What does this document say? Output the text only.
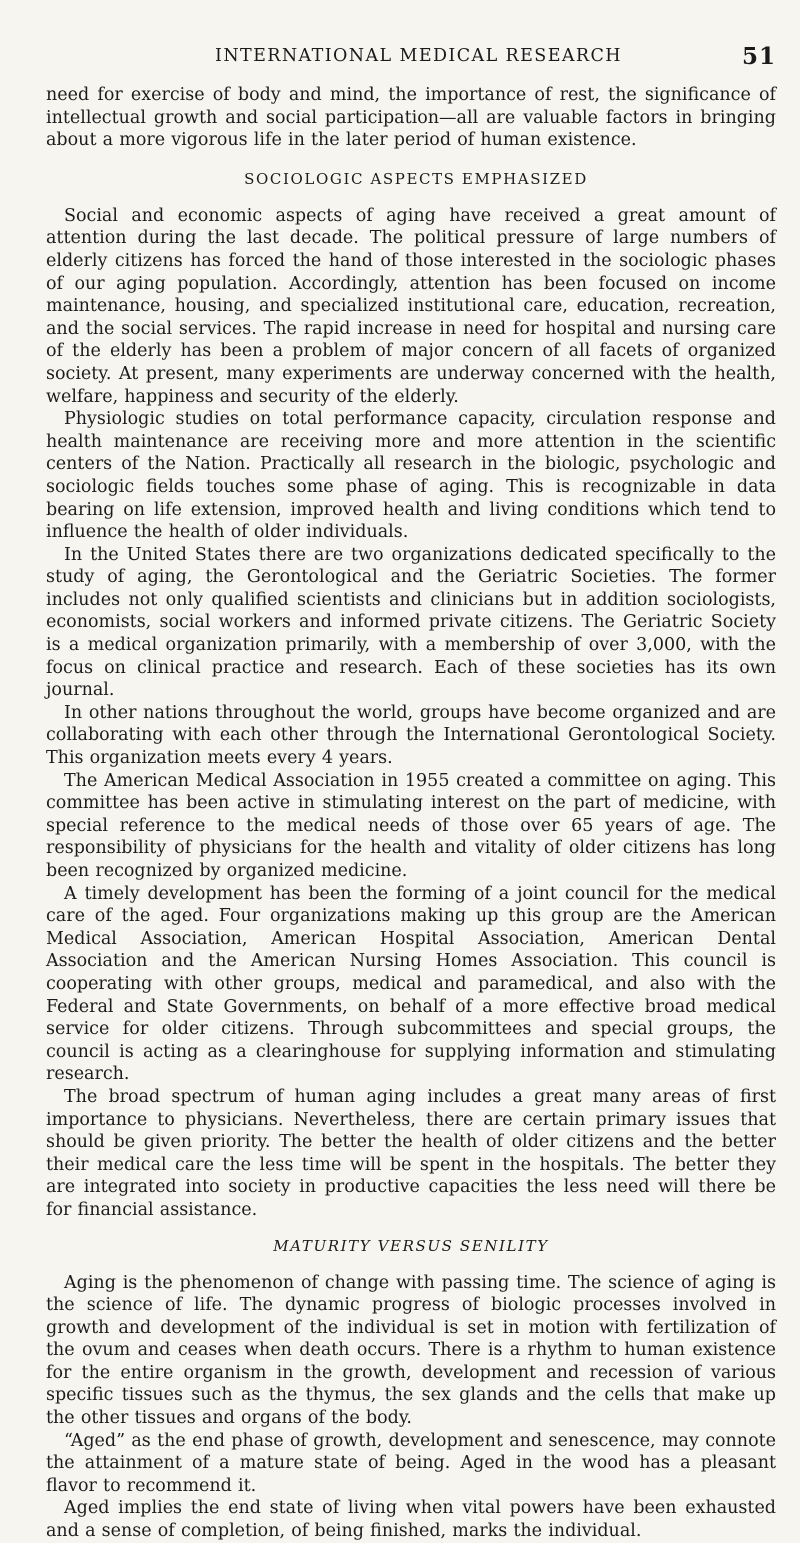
INTERNATIONAL MEDICAL RESEARCH	51

need for exercise of body and mind, the importance of rest, the significance of intellectual growth and social participation—all are valuable factors in bringing about a more vigorous life in the later period of human existence.

SOCIOLOGIC ASPECTS EMPHASIZED

Social and economic aspects of aging have received a great amount of attention during the last decade. The political pressure of large numbers of elderly citizens has forced the hand of those interested in the sociologic phases of our aging population. Accordingly, attention has been focused on income maintenance, housing, and specialized institutional care, education, recreation, and the social services. The rapid increase in need for hospital and nursing care of the elderly has been a problem of major concern of all facets of organized society. At present, many experiments are underway concerned with the health, welfare, happiness and security of the elderly.

Physiologic studies on total performance capacity, circulation response and health maintenance are receiving more and more attention in the scientific centers of the Nation. Practically all research in the biologic, psychologic and sociologic fields touches some phase of aging. This is recognizable in data bearing on life extension, improved health and living conditions which tend to influence the health of older individuals.

In the United States there are two organizations dedicated specifically to the study of aging, the Gerontological and the Geriatric Societies. The former includes not only qualified scientists and clinicians but in addition sociologists, economists, social workers and informed private citizens. The Geriatric Society is a medical organization primarily, with a membership of over 3,000, with the focus on clinical practice and research. Each of these societies has its own journal.

In other nations throughout the world, groups have become organized and are collaborating with each other through the International Gerontological Society. This organization meets every 4 years.

The American Medical Association in 1955 created a committee on aging. This committee has been active in stimulating interest on the part of medicine, with special reference to the medical needs of those over 65 years of age. The responsibility of physicians for the health and vitality of older citizens has long been recognized by organized medicine.

A timely development has been the forming of a joint council for the medical care of the aged. Four organizations making up this group are the American Medical Association, American Hospital Association, American Dental Association and the American Nursing Homes Association. This council is cooperating with other groups, medical and paramedical, and also with the Federal and State Governments, on behalf of a more effective broad medical service for older citizens. Through subcommittees and special groups, the council is acting as a clearinghouse for supplying information and stimulating research.

The broad spectrum of human aging includes a great many areas of first importance to physicians. Nevertheless, there are certain primary issues that should be given priority. The better the health of older citizens and the better their medical care the less time will be spent in the hospitals. The better they are integrated into society in productive capacities the less need will there be for financial assistance.

MATURITY VERSUS SENILITY

Aging is the phenomenon of change with passing time. The science of aging is the science of life. The dynamic progress of biologic processes involved in growth and development of the individual is set in motion with fertilization of the ovum and ceases when death occurs. There is a rhythm to human existence for the entire organism in the growth, development and recession of various specific tissues such as the thymus, the sex glands and the cells that make up the other tissues and organs of the body.

“Aged” as the end phase of growth, development and senescence, may connote the attainment of a mature state of being. Aged in the wood has a pleasant flavor to recommend it.

Aged implies the end state of living when vital powers have been exhausted and a sense of completion, of being finished, marks the individual.
